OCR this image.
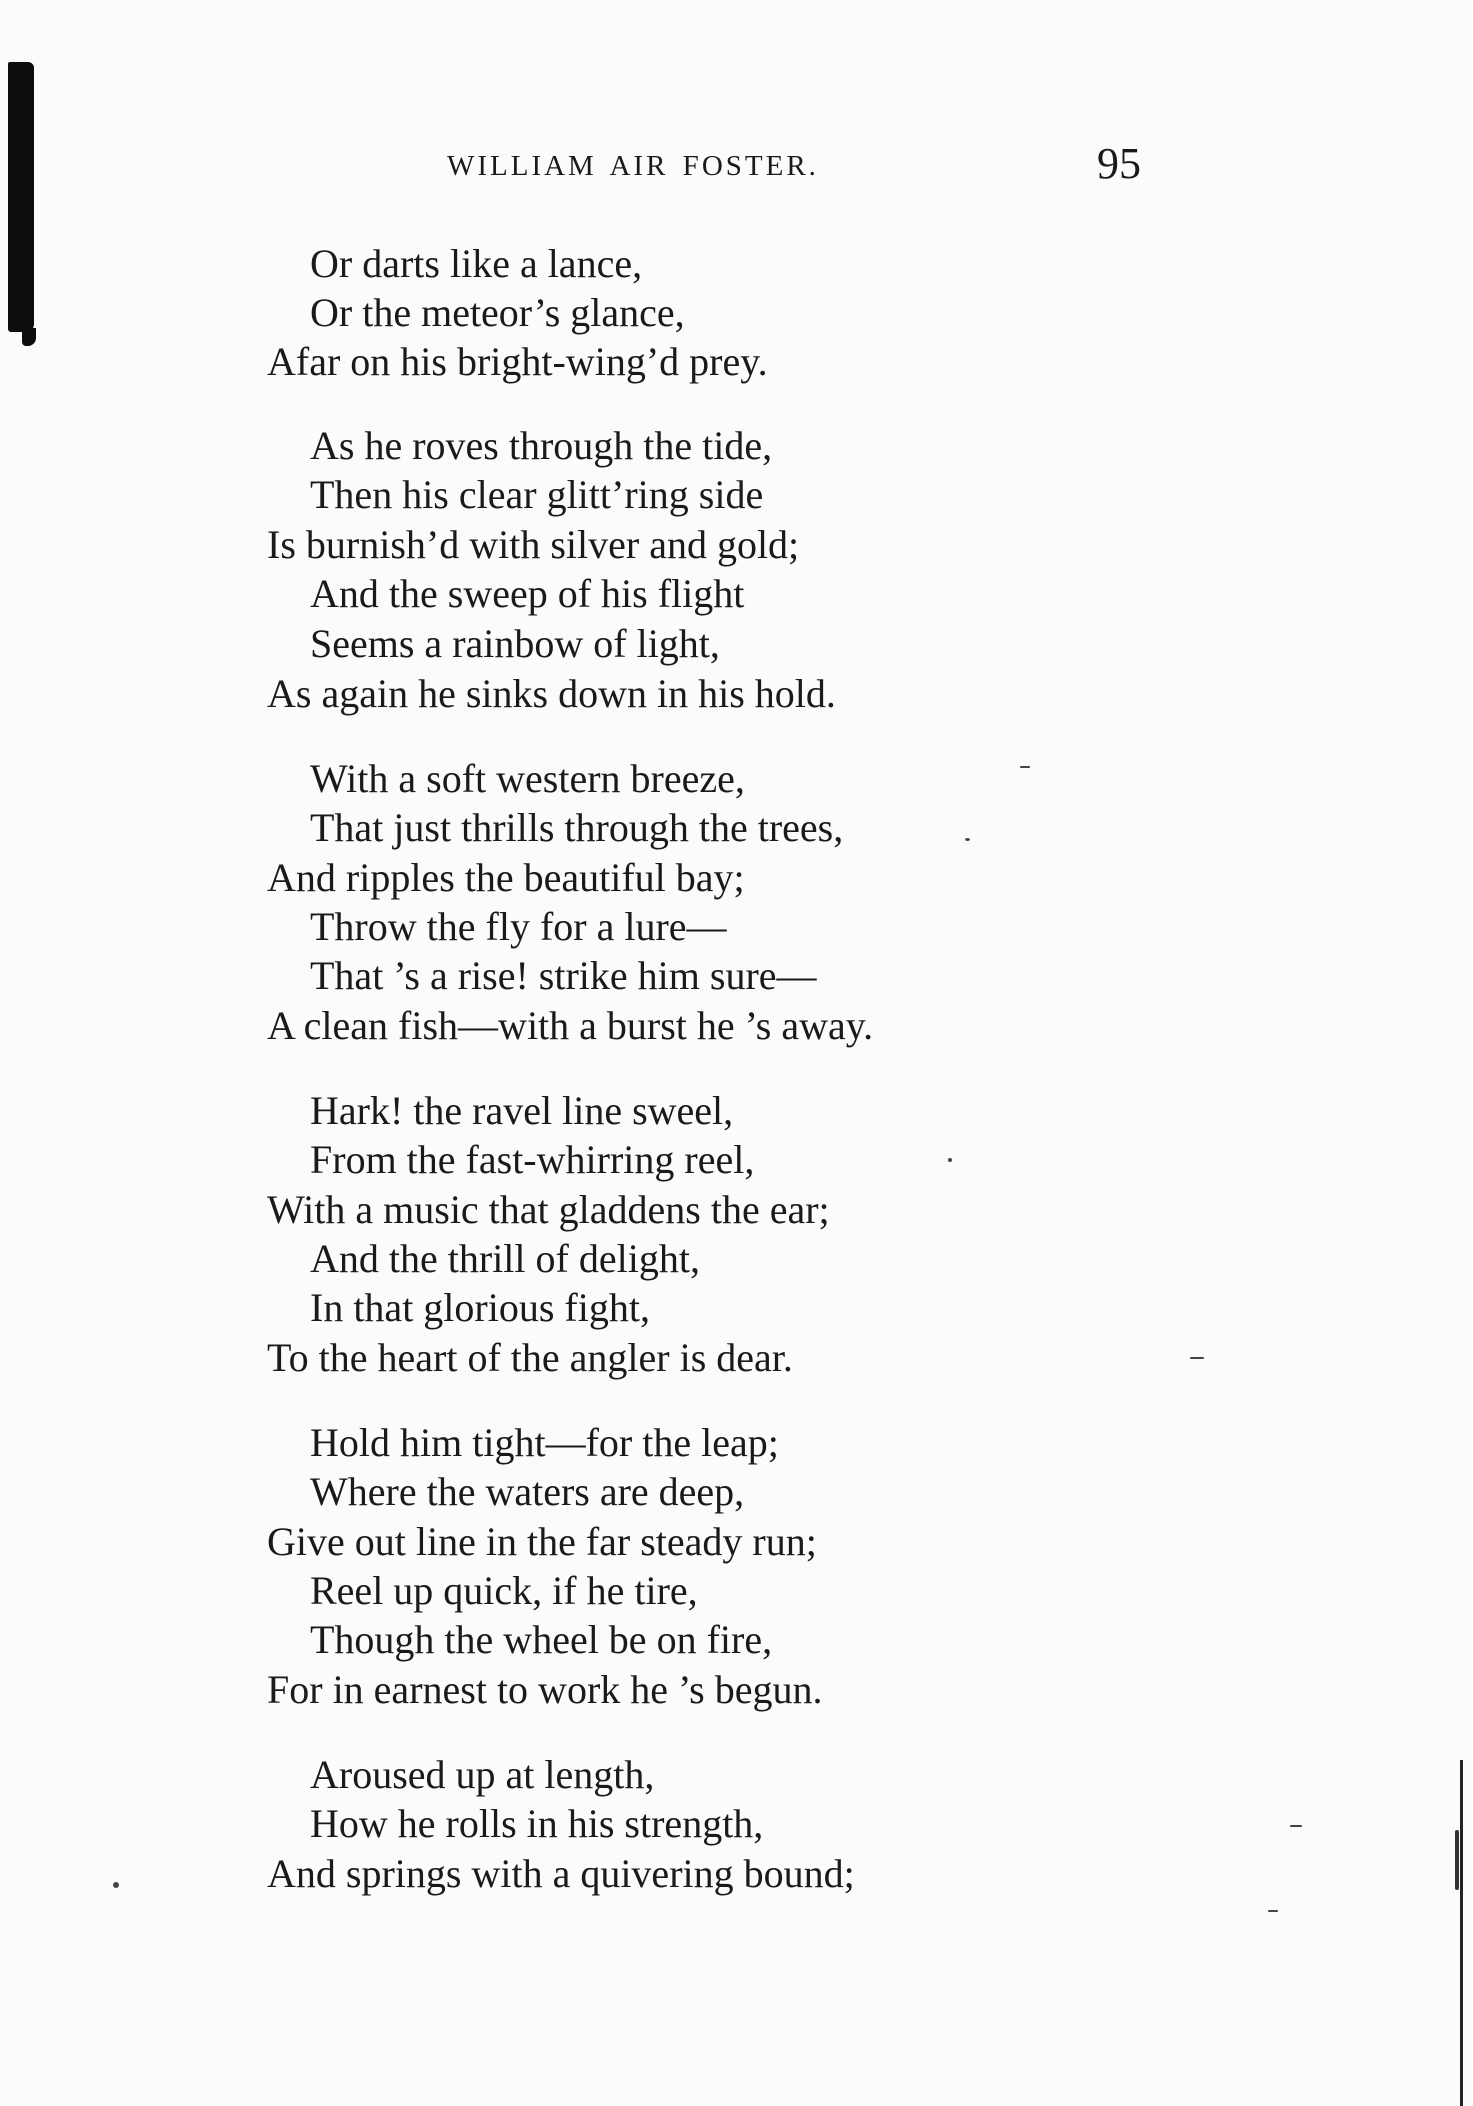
WILLIAM AIR FOSTER.	95
Or darts like a lance,
Or the meteor’s glance,
Afar on his bright-wing’d prey.
As he roves through the tide,
Then his clear glitt’ring side
Is burnish’d with silver and gold;
And the sweep of his flight
Seems a rainbow of light,
As again he sinks down in his hold.
With a soft western breeze,
That just thrills through the trees,
And ripples the beautiful bay;
Throw the fly for a lure—
That ’s a rise! strike him sure—
A clean fish—with a burst he ’s away.
Hark! the ravel line sweel,
From the fast-whirring reel,
With a music that gladdens the ear;
And the thrill of delight,
In that glorious fight,
To the heart of the angler is dear.
Hold him tight—for the leap;
Where the waters are deep,
Give out line in the far steady run;
Reel up quick, if he tire,
Though the wheel be on fire,
For in earnest to work he ’s begun.
Aroused up at length,
How he rolls in his strength,
And springs with a quivering bound;
